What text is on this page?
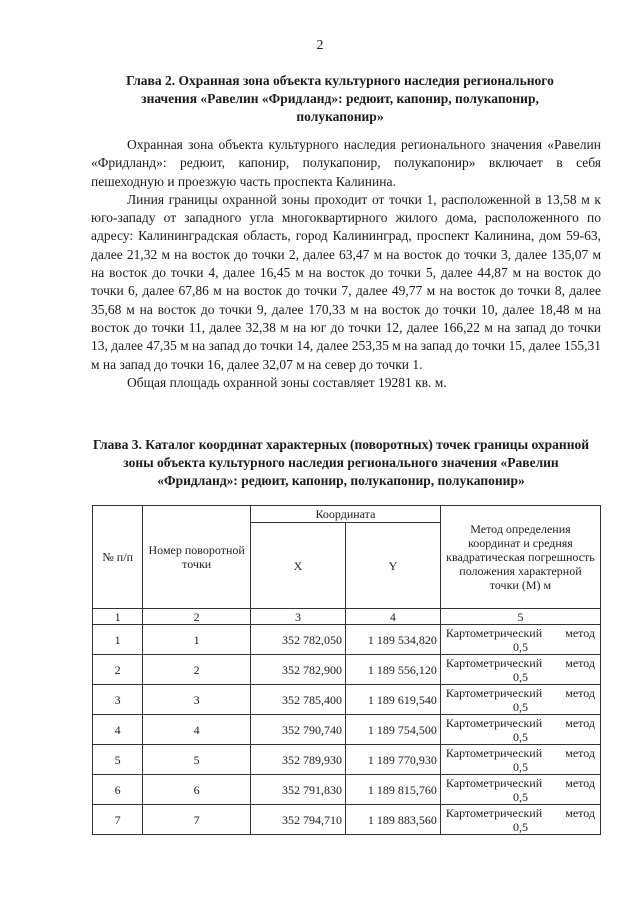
2
Глава 2. Охранная зона объекта культурного наследия регионального значения «Равелин «Фридланд»: редюит, капонир, полукапонир, полукапонир»

Охранная зона объекта культурного наследия регионального значения «Равелин «Фридланд»: редюит, капонир, полукапонир, полукапонир» включает в себя пешеходную и проезжую часть проспекта Калинина.

Линия границы охранной зоны проходит от точки 1, расположенной в 13,58 м к юго-западу от западного угла многоквартирного жилого дома, расположенного по адресу: Калининградская область, город Калининград, проспект Калинина, дом 59-63, далее 21,32 м на восток до точки 2, далее 63,47 м на восток до точки 3, далее 135,07 м на восток до точки 4, далее 16,45 м на восток до точки 5, далее 44,87 м на восток до точки 6, далее 67,86 м на восток до точки 7, далее 49,77 м на восток до точки 8, далее 35,68 м на восток до точки 9, далее 170,33 м на восток до точки 10, далее 18,48 м на восток до точки 11, далее 32,38 м на юг до точки 12, далее 166,22 м на запад до точки 13, далее 47,35 м на запад до точки 14, далее 253,35 м на запад до точки 15, далее 155,31 м на запад до точки 16, далее 32,07 м на север до точки 1.

Общая площадь охранной зоны составляет 19281 кв. м.

Глава 3. Каталог координат характерных (поворотных) точек границы охранной зоны объекта культурного наследия регионального значения «Равелин «Фридланд»: редюит, капонир, полукапонир, полукапонир»
№ п/п	Номер поворотной точки	Координата		Метод определения координат и средняя квадратическая погрешность положения характерной точки (М) м
		X	Y	
1	2	3	4	5
1	1	352 782,050	1 189 534,820	Картометрический метод
0,5

2	2	352 782,900	1 189 556,120	Картометрический метод
0,5

3	3	352 785,400	1 189 619,540	Картометрический метод
0,5

4	4	352 790,740	1 189 754,500	Картометрический метод
0,5

5	5	352 789,930	1 189 770,930	Картометрический метод
0,5

6	6	352 791,830	1 189 815,760	Картометрический метод
0,5

7	7	352 794,710	1 189 883,560	Картометрический метод
0,5
